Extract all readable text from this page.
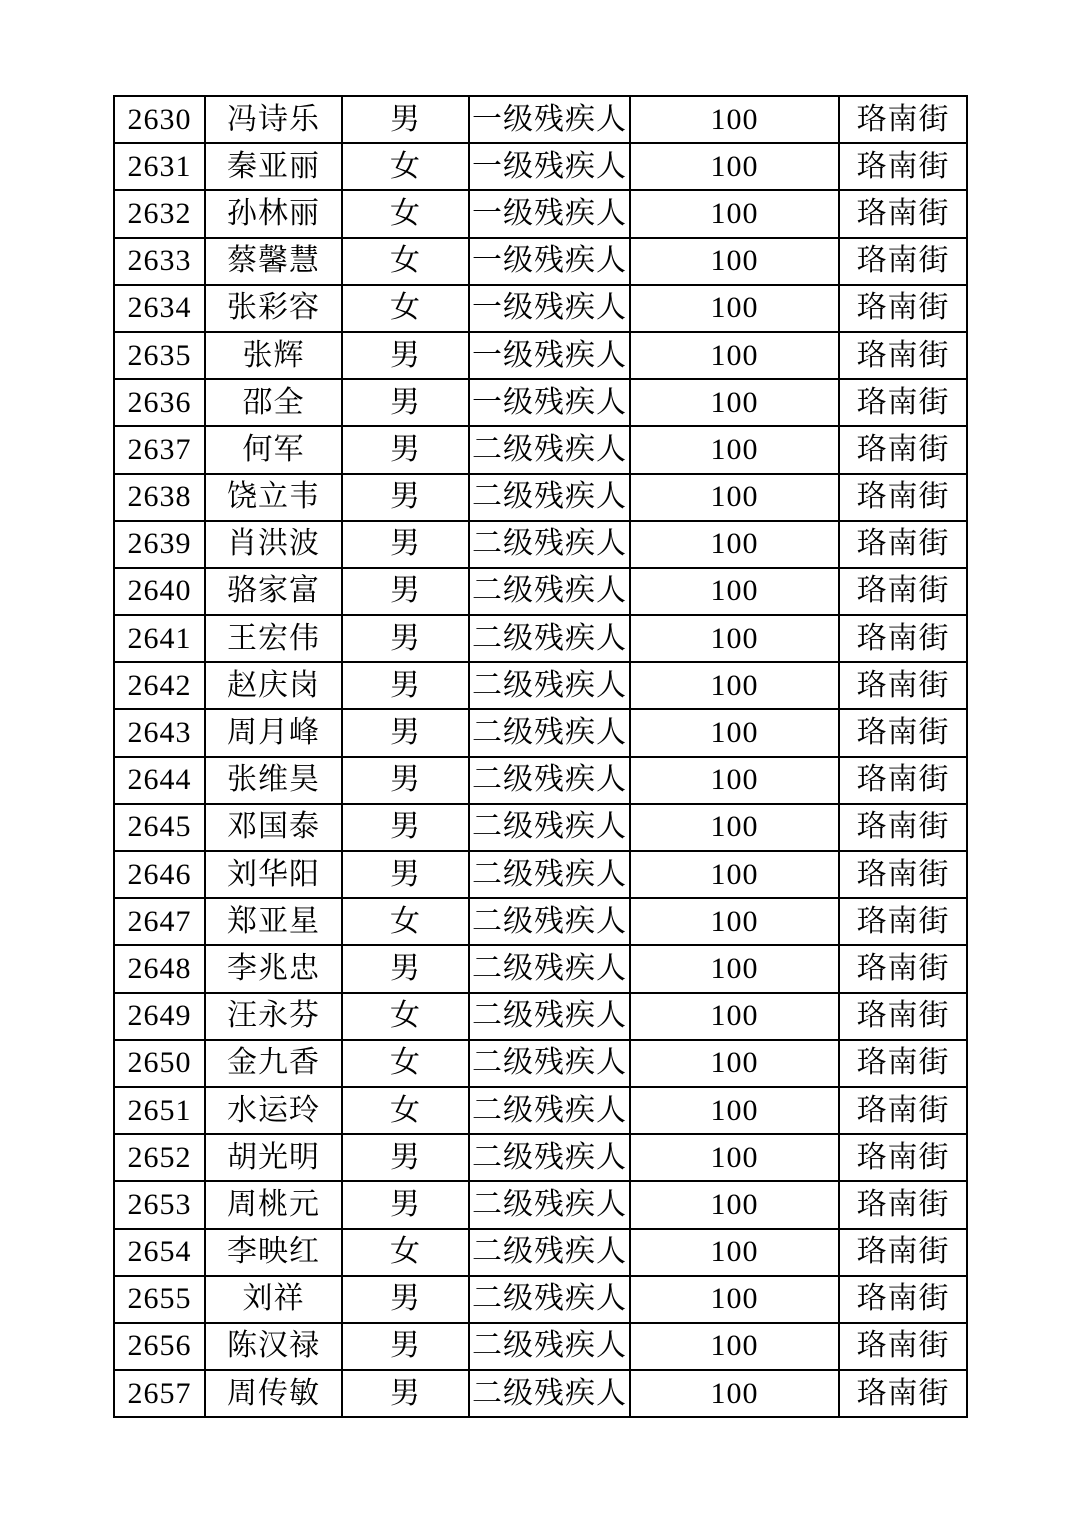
2630	冯诗乐	男	一级残疾人	100	珞南街
2631	秦亚丽	女	一级残疾人	100	珞南街
2632	孙林丽	女	一级残疾人	100	珞南街
2633	蔡馨慧	女	一级残疾人	100	珞南街
2634	张彩容	女	一级残疾人	100	珞南街
2635	张辉	男	一级残疾人	100	珞南街
2636	邵全	男	一级残疾人	100	珞南街
2637	何军	男	二级残疾人	100	珞南街
2638	饶立韦	男	二级残疾人	100	珞南街
2639	肖洪波	男	二级残疾人	100	珞南街
2640	骆家富	男	二级残疾人	100	珞南街
2641	王宏伟	男	二级残疾人	100	珞南街
2642	赵庆岗	男	二级残疾人	100	珞南街
2643	周月峰	男	二级残疾人	100	珞南街
2644	张维昊	男	二级残疾人	100	珞南街
2645	邓国泰	男	二级残疾人	100	珞南街
2646	刘华阳	男	二级残疾人	100	珞南街
2647	郑亚星	女	二级残疾人	100	珞南街
2648	李兆忠	男	二级残疾人	100	珞南街
2649	汪永芬	女	二级残疾人	100	珞南街
2650	金九香	女	二级残疾人	100	珞南街
2651	水运玲	女	二级残疾人	100	珞南街
2652	胡光明	男	二级残疾人	100	珞南街
2653	周桃元	男	二级残疾人	100	珞南街
2654	李映红	女	二级残疾人	100	珞南街
2655	刘祥	男	二级残疾人	100	珞南街
2656	陈汉禄	男	二级残疾人	100	珞南街
2657	周传敏	男	二级残疾人	100	珞南街
